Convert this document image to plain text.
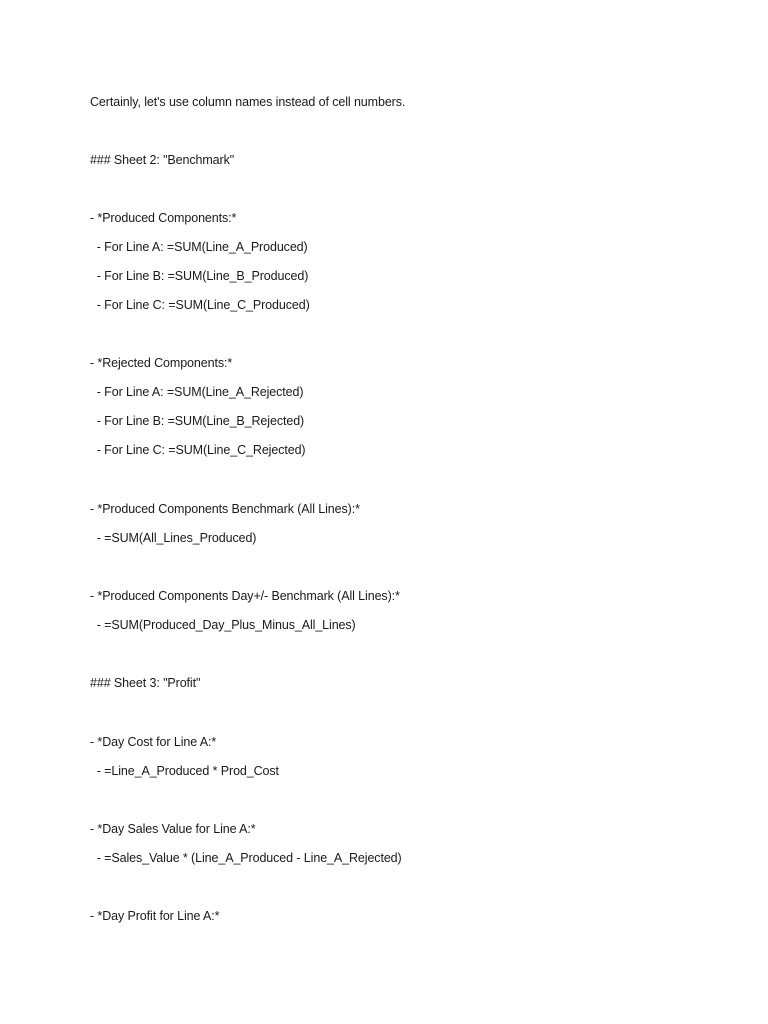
Certainly, let's use column names instead of cell numbers.
### Sheet 2: "Benchmark"
- *Produced Components:*
- For Line A: =SUM(Line_A_Produced)
- For Line B: =SUM(Line_B_Produced)
- For Line C: =SUM(Line_C_Produced)
- *Rejected Components:*
- For Line A: =SUM(Line_A_Rejected)
- For Line B: =SUM(Line_B_Rejected)
- For Line C: =SUM(Line_C_Rejected)
- *Produced Components Benchmark (All Lines):*
- =SUM(All_Lines_Produced)
- *Produced Components Day+/- Benchmark (All Lines):*
- =SUM(Produced_Day_Plus_Minus_All_Lines)
### Sheet 3: "Profit"
- *Day Cost for Line A:*
- =Line_A_Produced * Prod_Cost
- *Day Sales Value for Line A:*
- =Sales_Value * (Line_A_Produced - Line_A_Rejected)
- *Day Profit for Line A:*
